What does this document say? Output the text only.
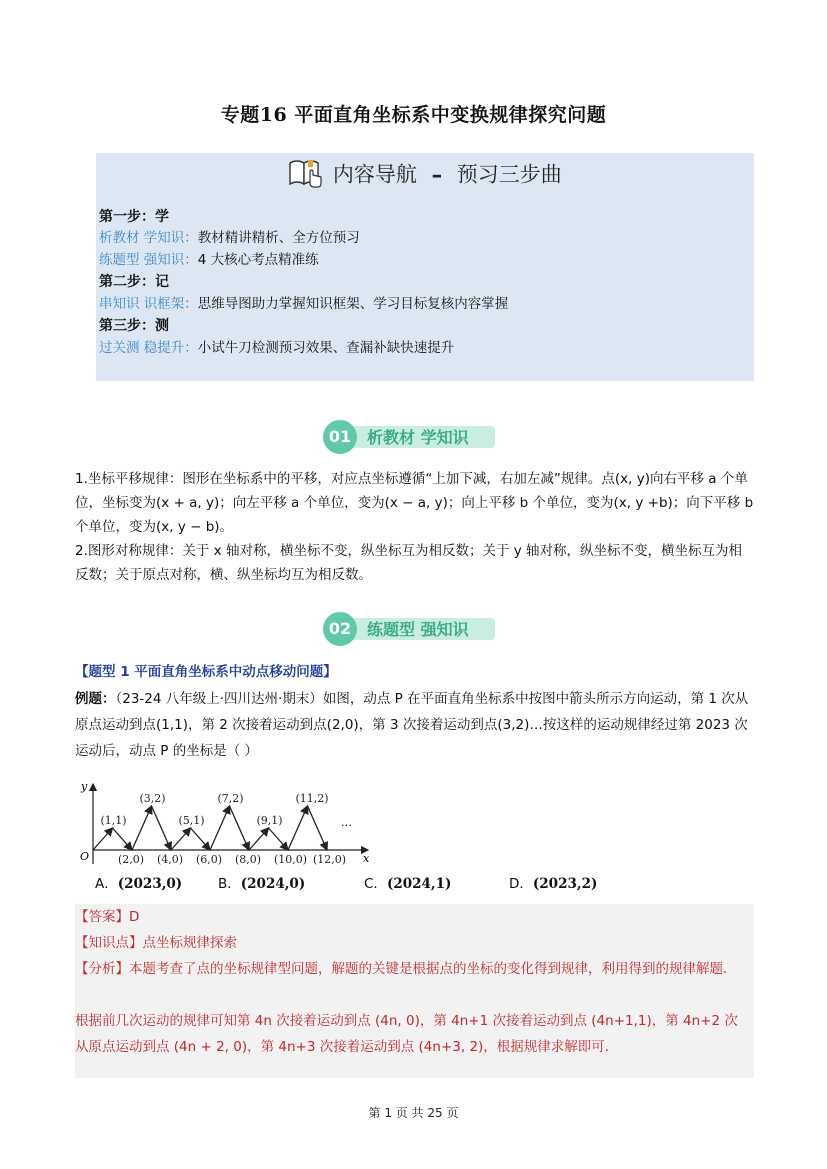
专题16 平面直角坐标系中变换规律探究问题
内容导航 – 预习三步曲
第一步：学
析教材 学知识：教材精讲精析、全方位预习
练题型 强知识：4 大核心考点精准练
第二步：记
串知识 识框架：思维导图助力掌握知识框架、学习目标复核内容掌握
第三步：测
过关测 稳提升：小试牛刀检测预习效果、查漏补缺快速提升
01 析教材 学知识

1.坐标平移规律：图形在坐标系中的平移，对应点坐标遵循“上加下减，右加左减”规律。点(x, y)向右平移 a 个单位，坐标变为(x + a, y)；向左平移 a 个单位，变为(x − a, y)；向上平移 b 个单位，变为(x, y +b)；向下平移 b 个单位，变为(x, y − b)。

2.图形对称规律：关于 x 轴对称，横坐标不变，纵坐标互为相反数；关于 y 轴对称，纵坐标不变，横坐标互为相反数；关于原点对称，横、纵坐标均互为相反数。

02 练题型 强知识
【题型 1 平面直角坐标系中动点移动问题】
例题：（23-24 八年级上·四川达州·期末）如图，动点 P 在平面直角坐标系中按图中箭头所示方向运动，第 1 次从原点运动到点(1,1)，第 2 次接着运动到点(2,0)，第 3 次接着运动到点(3,2)…按这样的运动规律经过第 2023 次运动后，动点 P 的坐标是（ ）
y
x
O
(1,1)
(3,2)
(5,1)
(7,2)
(9,1)
(11,2)
(2,0) (4,0) (6,0) (8,0) (10,0) (12,0)
…
A．(2023,0)	B．(2024,0)	C．(2024,1)	D．(2023,2)
【答案】D
【知识点】点坐标规律探索
【分析】本题考查了点的坐标规律型问题，解题的关键是根据点的坐标的变化得到规律，利用得到的规律解题．
根据前几次运动的规律可知第 4n 次接着运动到点 (4n, 0)，第 4n+1 次接着运动到点 (4n+1,1)，第 4n+2 次从原点运动到点 (4n + 2, 0)，第 4n+3 次接着运动到点 (4n+3, 2)，根据规律求解即可．
第 1 页 共 25 页
